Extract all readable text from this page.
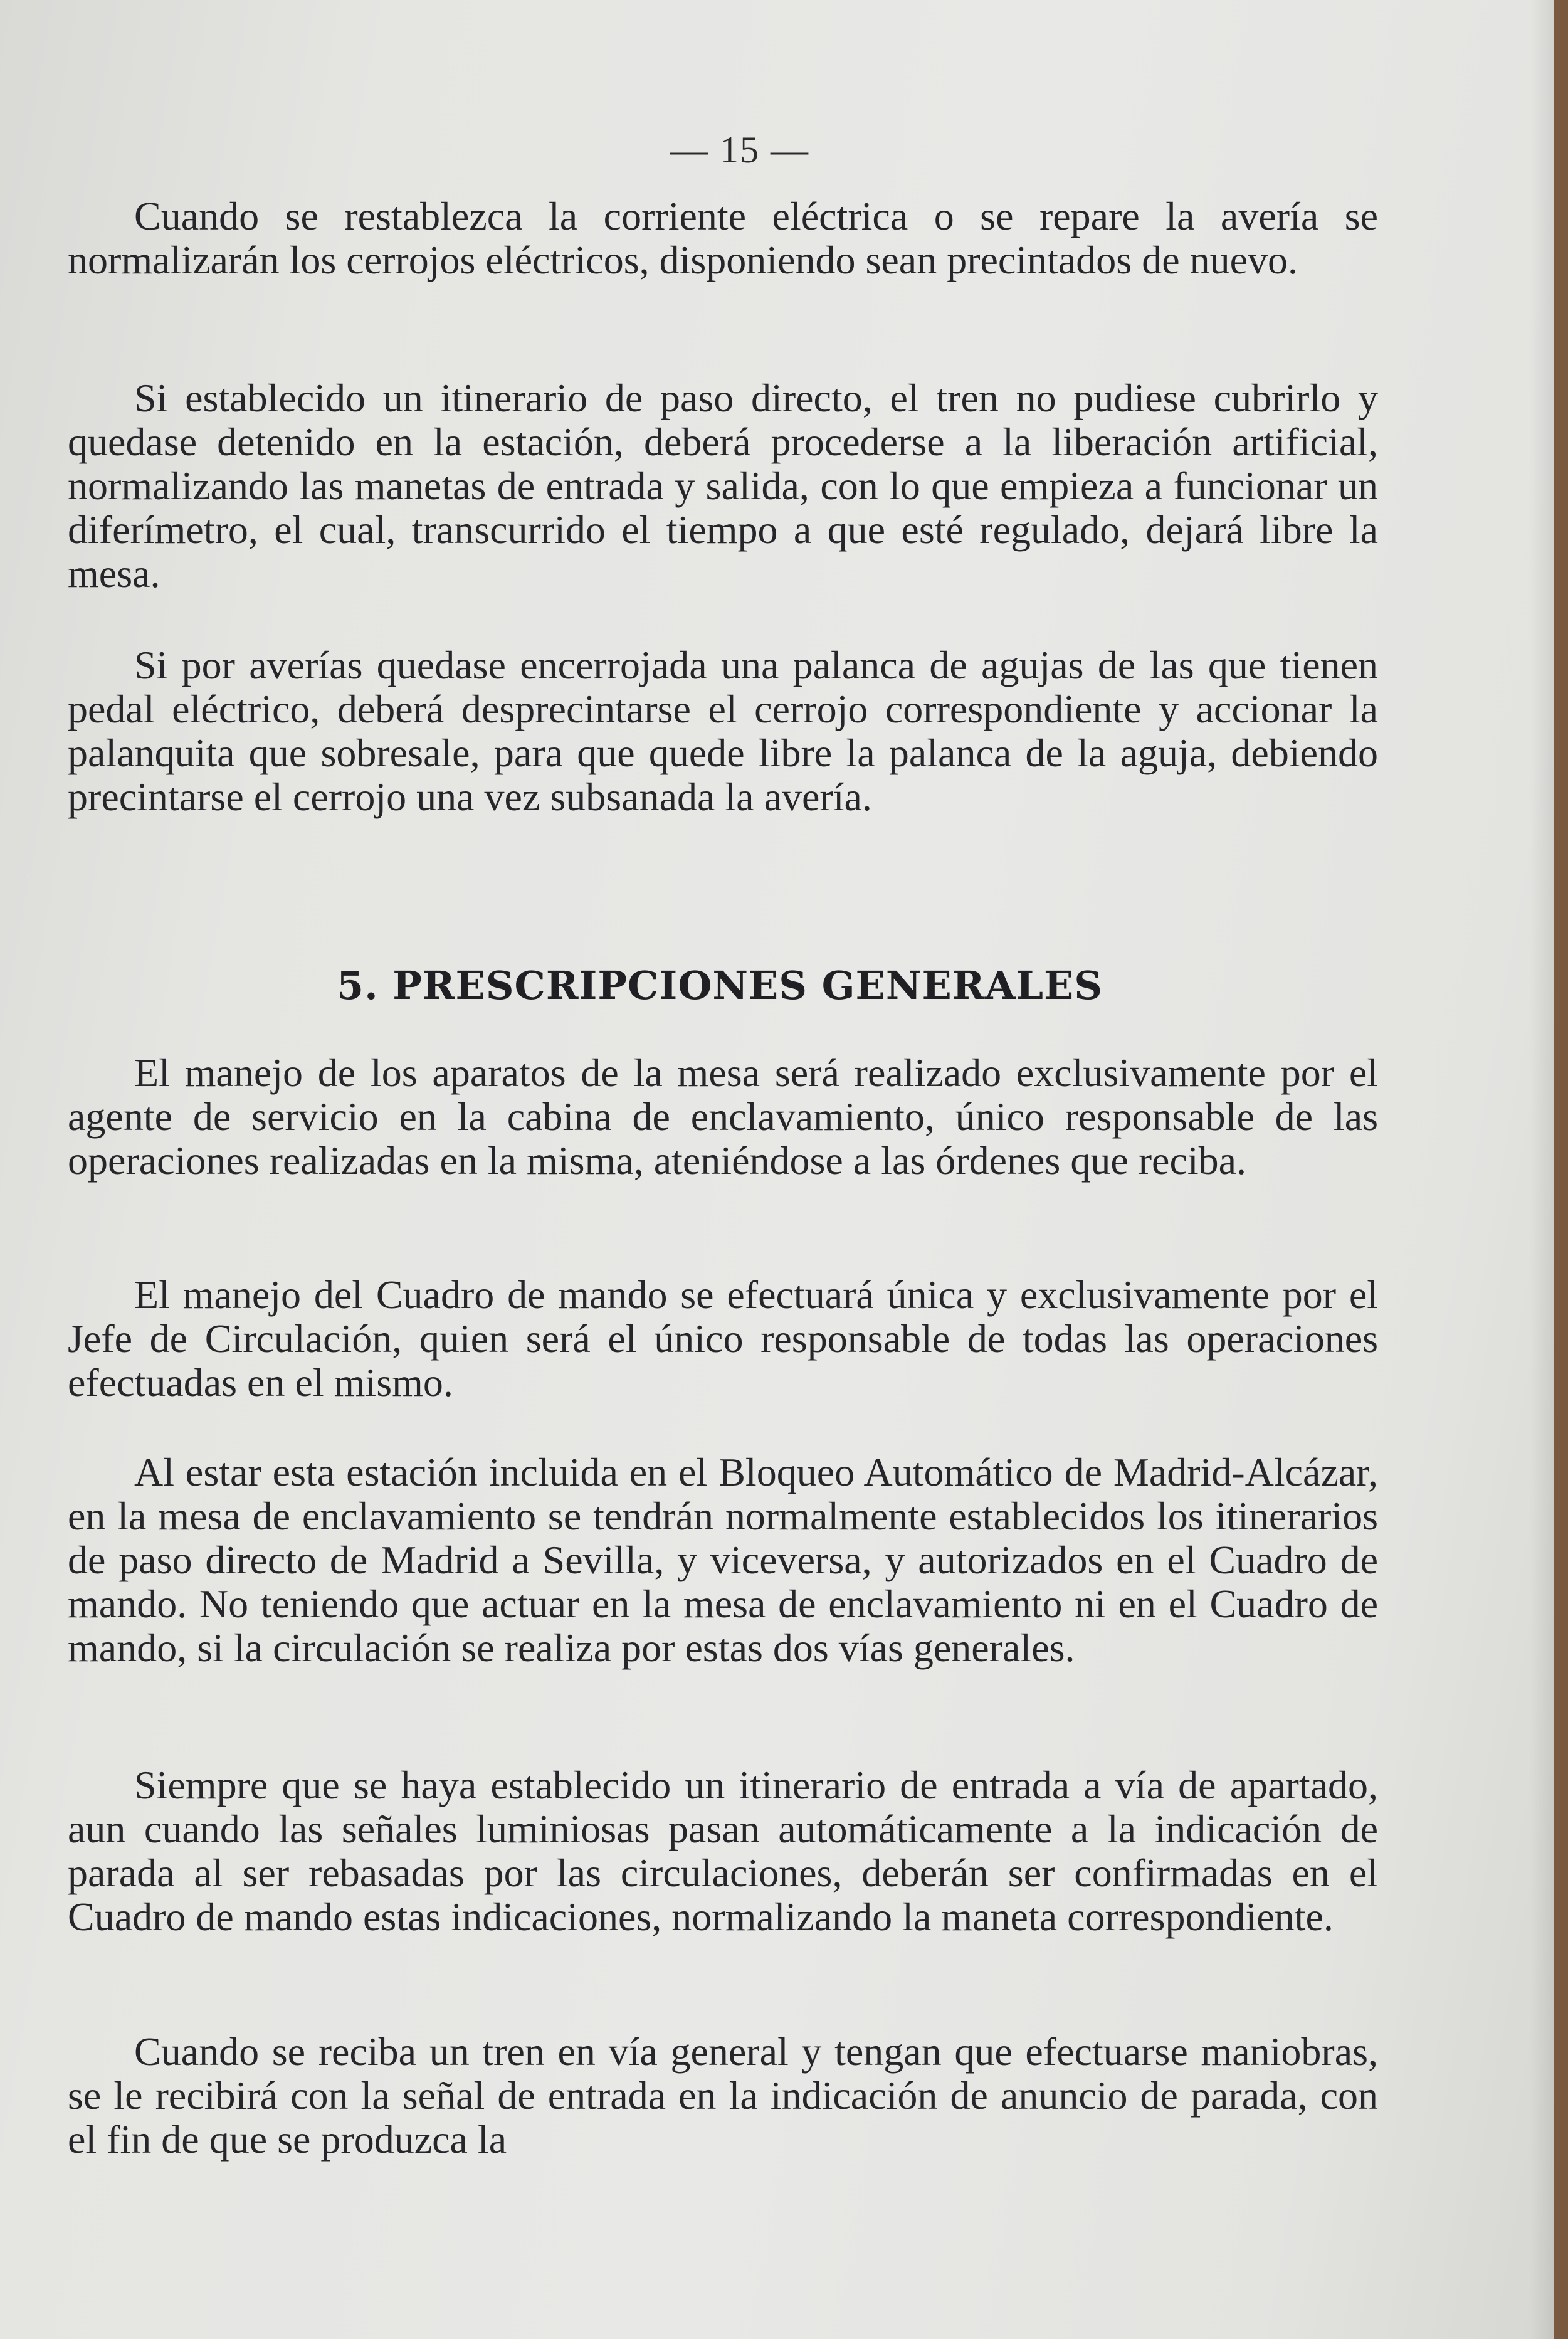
— 15 —

Cuando se restablezca la corriente eléctrica o se repare la avería se normalizarán los cerrojos eléctricos, disponiendo sean precintados de nuevo.

Si establecido un itinerario de paso directo, el tren no pudiese cubrirlo y quedase detenido en la estación, deberá procederse a la liberación artificial, normalizando las manetas de entrada y salida, con lo que empieza a funcionar un diferímetro, el cual, transcurrido el tiempo a que esté regulado, dejará libre la mesa.

Si por averías quedase encerrojada una palanca de agujas de las que tienen pedal eléctrico, deberá desprecintarse el cerrojo correspondiente y accionar la palanquita que sobresale, para que quede libre la palanca de la aguja, debiendo precintarse el cerrojo una vez subsanada la avería.

5. PRESCRIPCIONES GENERALES

El manejo de los aparatos de la mesa será realizado exclusivamente por el agente de servicio en la cabina de enclavamiento, único responsable de las operaciones realizadas en la misma, ateniéndose a las órdenes que reciba.

El manejo del Cuadro de mando se efectuará única y exclusivamente por el Jefe de Circulación, quien será el único responsable de todas las operaciones efectuadas en el mismo.

Al estar esta estación incluida en el Bloqueo Automático de Madrid-Alcázar, en la mesa de enclavamiento se tendrán normalmente establecidos los itinerarios de paso directo de Madrid a Sevilla, y viceversa, y autorizados en el Cuadro de mando. No teniendo que actuar en la mesa de enclavamiento ni en el Cuadro de mando, si la circulación se realiza por estas dos vías generales.

Siempre que se haya establecido un itinerario de entrada a vía de apartado, aun cuando las señales luminiosas pasan automáticamente a la indicación de parada al ser rebasadas por las circulaciones, deberán ser confirmadas en el Cuadro de mando estas indicaciones, normalizando la maneta correspondiente.

Cuando se reciba un tren en vía general y tengan que efectuarse maniobras, se le recibirá con la señal de entrada en la indicación de anuncio de parada, con el fin de que se produzca la
